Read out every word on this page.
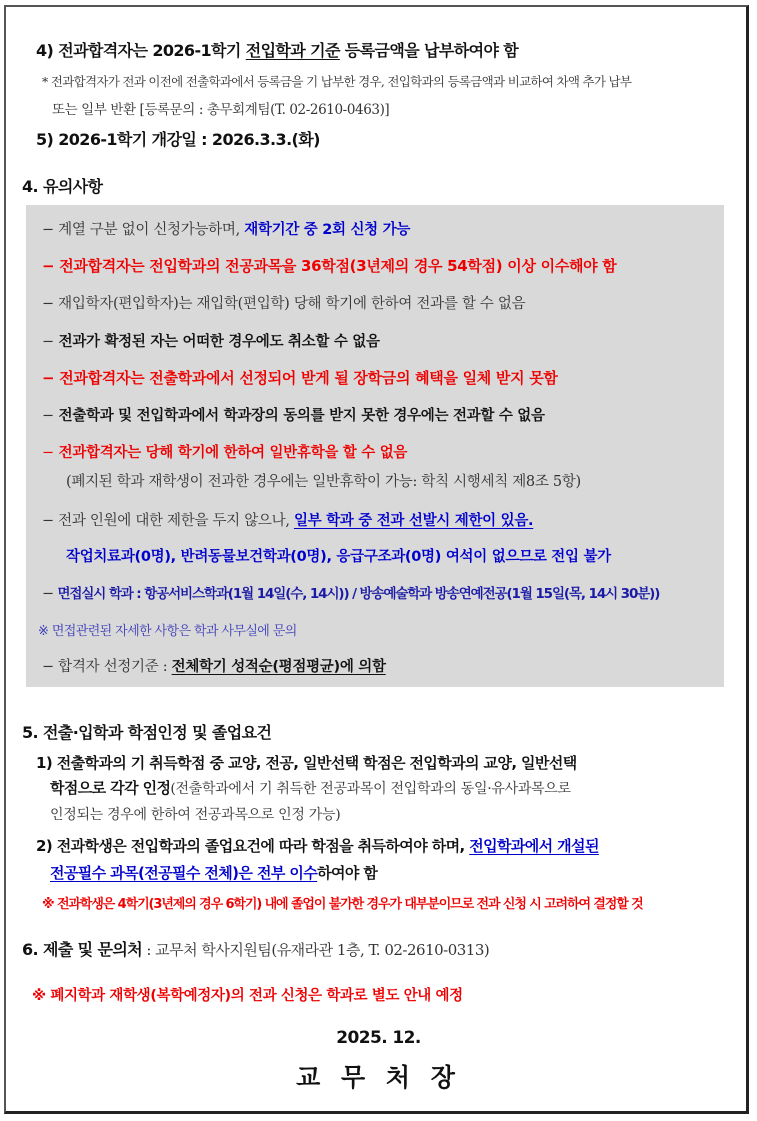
4) 전과합격자는 2026-1학기 전입학과 기준 등록금액을 납부하여야 함
* 전과합격자가 전과 이전에 전출학과에서 등록금을 기 납부한 경우, 전입학과의 등록금액과 비교하여 차액 추가 납부
또는 일부 반환 [등록문의 : 총무회계팀(T. 02-2610-0463)]
5) 2026-1학기 개강일 : 2026.3.3.(화)
4. 유의사항
− 계열 구분 없이 신청가능하며, 재학기간 중 2회 신청 가능
− 전과합격자는 전입학과의 전공과목을 36학점(3년제의 경우 54학점) 이상 이수해야 함
− 재입학자(편입학자)는 재입학(편입학) 당해 학기에 한하여 전과를 할 수 없음
− 전과가 확정된 자는 어떠한 경우에도 취소할 수 없음
− 전과합격자는 전출학과에서 선정되어 받게 될 장학금의 혜택을 일체 받지 못함
− 전출학과 및 전입학과에서 학과장의 동의를 받지 못한 경우에는 전과할 수 없음
− 전과합격자는 당해 학기에 한하여 일반휴학을 할 수 없음
(폐지된 학과 재학생이 전과한 경우에는 일반휴학이 가능: 학칙 시행세칙 제8조 5항)
− 전과 인원에 대한 제한을 두지 않으나, 일부 학과 중 전과 선발시 제한이 있음.
작업치료과(0명), 반려동물보건학과(0명), 응급구조과(0명) 여석이 없으므로 전입 불가
− 면접실시 학과 : 항공서비스학과(1월 14일(수, 14시)) / 방송예술학과 방송연예전공(1월 15일(목, 14시 30분))
※ 면접관련된 자세한 사항은 학과 사무실에 문의
− 합격자 선정기준 : 전체학기 성적순(평점평균)에 의함
5. 전출·입학과 학점인정 및 졸업요건
1) 전출학과의 기 취득학점 중 교양, 전공, 일반선택 학점은 전입학과의 교양, 일반선택
학점으로 각각 인정(전출학과에서 기 취득한 전공과목이 전입학과의 동일·유사과목으로
인정되는 경우에 한하여 전공과목으로 인정 가능)
2) 전과학생은 전입학과의 졸업요건에 따라 학점을 취득하여야 하며, 전입학과에서 개설된
전공필수 과목(전공필수 전체)은 전부 이수하여야 함
※ 전과학생은 4학기(3년제의 경우 6학기) 내에 졸업이 불가한 경우가 대부분이므로 전과 신청 시 고려하여 결정할 것
6. 제출 및 문의처 : 교무처 학사지원팀(유재라관 1층, T. 02-2610-0313)
※ 폐지학과 재학생(복학예정자)의 전과 신청은 학과로 별도 안내 예정
2025. 12.
교 무 처 장
